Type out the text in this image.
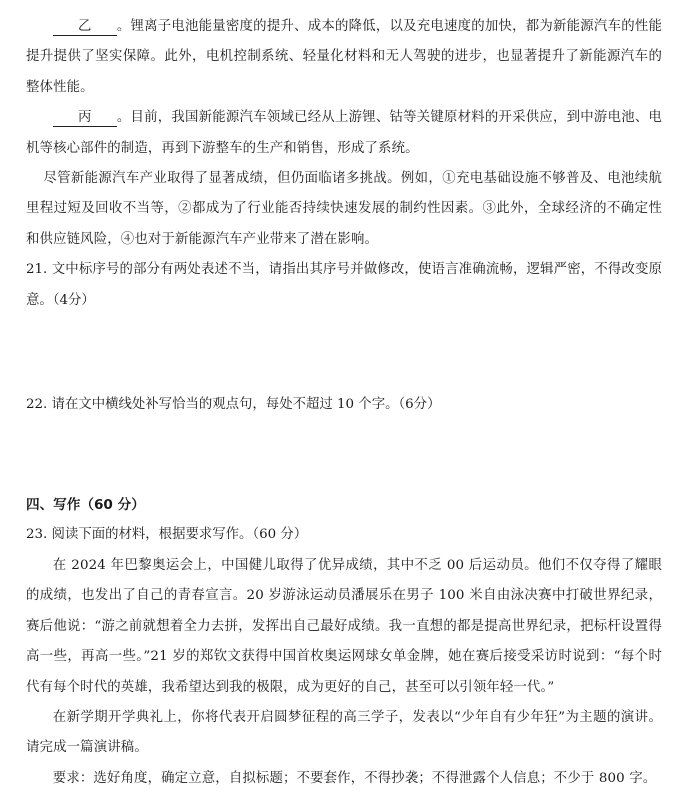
乙 。锂离子电池能量密度的提升、成本的降低，以及充电速度的加快，都为新能源汽车的性能提升提供了坚实保障。此外，电机控制系统、轻量化材料和无人驾驶的进步，也显著提升了新能源汽车的整体性能。

丙 。目前，我国新能源汽车领域已经从上游锂、钴等关键原材料的开采供应，到中游电池、电机等核心部件的制造，再到下游整车的生产和销售，形成了系统。

尽管新能源汽车产业取得了显著成绩，但仍面临诸多挑战。例如，①充电基础设施不够普及、电池续航里程过短及回收不当等，②都成为了行业能否持续快速发展的制约性因素。③此外，全球经济的不确定性和供应链风险，④也对于新能源汽车产业带来了潜在影响。

21. 文中标序号的部分有两处表述不当，请指出其序号并做修改，使语言准确流畅，逻辑严密，不得改变原意。（4分）

22. 请在文中横线处补写恰当的观点句，每处不超过 10 个字。（6分）

四、写作（60 分）

23. 阅读下面的材料，根据要求写作。（60 分）

在 2024 年巴黎奥运会上，中国健儿取得了优异成绩，其中不乏 00 后运动员。他们不仅夺得了耀眼的成绩，也发出了自己的青春宣言。20 岁游泳运动员潘展乐在男子 100 米自由泳决赛中打破世界纪录，赛后他说：“游之前就想着全力去拼，发挥出自己最好成绩。我一直想的都是提高世界纪录，把标杆设置得高一些，再高一些。”21 岁的郑钦文获得中国首枚奥运网球女单金牌，她在赛后接受采访时说到：“每个时代有每个时代的英雄，我希望达到我的极限，成为更好的自己，甚至可以引领年轻一代。”

在新学期开学典礼上，你将代表开启圆梦征程的高三学子，发表以“少年自有少年狂”为主题的演讲。请完成一篇演讲稿。

要求：选好角度，确定立意，自拟标题；不要套作，不得抄袭；不得泄露个人信息；不少于 800 字。
